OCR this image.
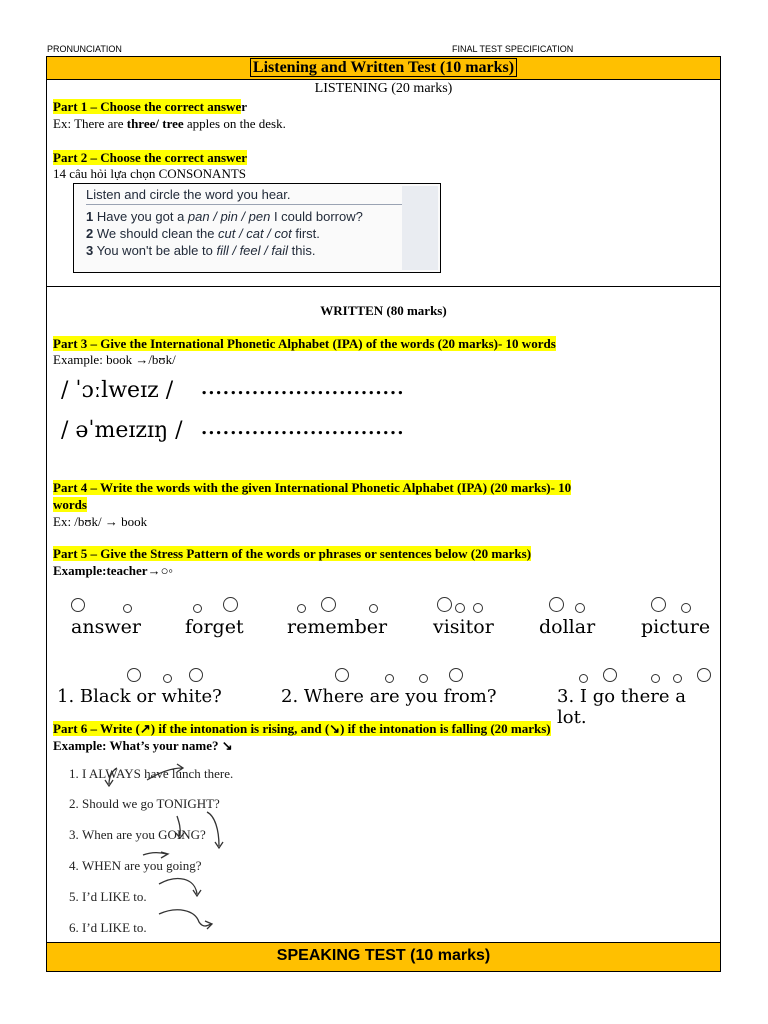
PRONUNCIATION	FINAL TEST SPECIFICATION
Listening and Written Test (10 marks)
LISTENING (20 marks)
Part 1 – Choose the correct answer
Ex: There are three/ tree apples on the desk.
Part 2 – Choose the correct answer
14 câu hỏi lựa chọn CONSONANTS
Listen and circle the word you hear.
1 Have you got a pan / pin / pen I could borrow?
2 We should clean the cut / cat / cot first.
3 You won't be able to fill / feel / fail this.
WRITTEN (80 marks)
Part 3 – Give the International Phonetic Alphabet (IPA) of the words (20 marks)- 10 words
Example: book →/bʊk/
/ ˈɔːlweɪz / ............................
/ əˈmeɪzɪŋ / ............................
Part 4 – Write the words with the given International Phonetic Alphabet (IPA) (20 marks)- 10
words
Ex: /bʊk/ → book
Part 5 – Give the Stress Pattern of the words or phrases or sentences below (20 marks)
Example:teacher→○◦
answer forget remember visitor dollar picture
1. Black or white?	2. Where are you from?	3. I go there a lot.
Part 6 – Write (↗) if the intonation is rising, and (↘) if the intonation is falling (20 marks)
Example: What’s your name? ↘
1. I ALWAYS have lunch there.
2. Should we go TONIGHT?
3. When are you GOING?
4. WHEN are you going?
5. I’d LIKE to.
6. I’d LIKE to.
SPEAKING TEST (10 marks)
